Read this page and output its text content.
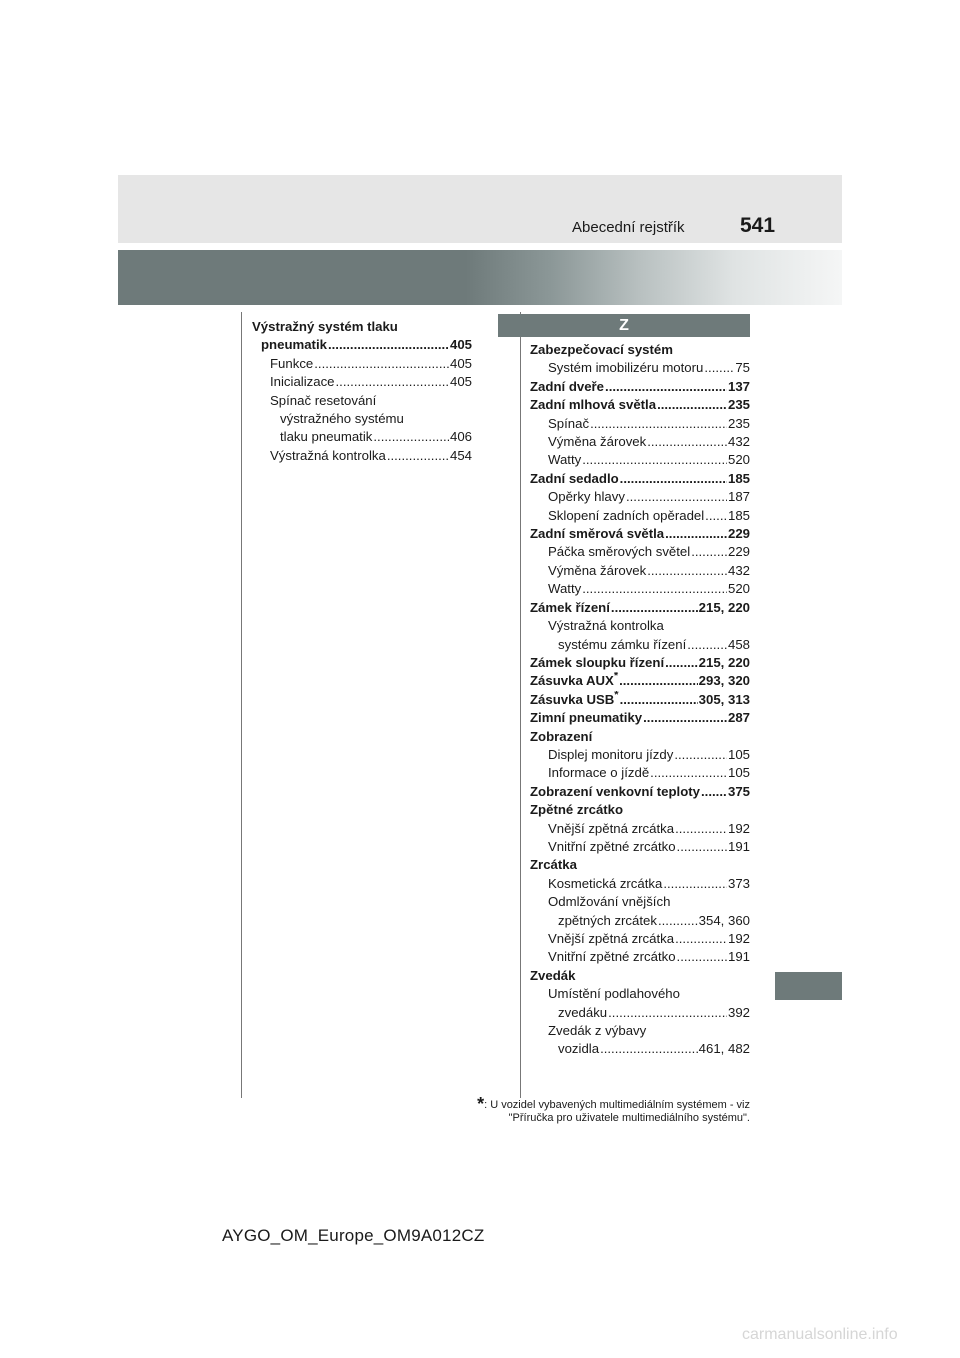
Abecední rejstřík	541
Z
Výstražný systém tlaku
pneumatik .....	405
Funkce .....	405
Inicializace .....	405
Spínač resetování
výstražného systému
tlaku pneumatik .....	406
Výstražná kontrolka .....	454
Zabezpečovací systém
Systém imobilizéru motoru ..... 75
Zadní dveře .....	137
Zadní mlhová světla .....	235
Spínač .....	235
Výměna žárovek .....	432
Watty .....	520
Zadní sedadlo .....	185
Opěrky hlavy .....	187
Sklopení zadních opěradel ..... 185
Zadní směrová světla .....	229
Páčka směrových světel .....	229
Výměna žárovek .....	432
Watty .....	520
Zámek řízení .....	215, 220
Výstražná kontrolka
systému zámku řízení .....	458
Zámek sloupku řízení .....	215, 220
Zásuvka AUX* .....	293, 320
Zásuvka USB* .....	305, 313
Zimní pneumatiky .....	287
Zobrazení
Displej monitoru jízdy .....	105
Informace o jízdě .....	105
Zobrazení venkovní teploty ..... 375
Zpětné zrcátko
Vnější zpětná zrcátka .....	192
Vnitřní zpětné zrcátko .....	191
Zrcátka
Kosmetická zrcátka .....	373
Odmlžování vnějších
zpětných zrcátek .....	354, 360
Vnější zpětná zrcátka .....	192
Vnitřní zpětné zrcátko .....	191
Zvedák
Umístění podlahového
zvedáku .....	392
Zvedák z výbavy
vozidla .....	461, 482
*: U vozidel vybavených multimediálním systémem - viz
"Příručka pro uživatele multimediálního systému".
AYGO_OM_Europe_OM9A012CZ
carmanualsonline.info
